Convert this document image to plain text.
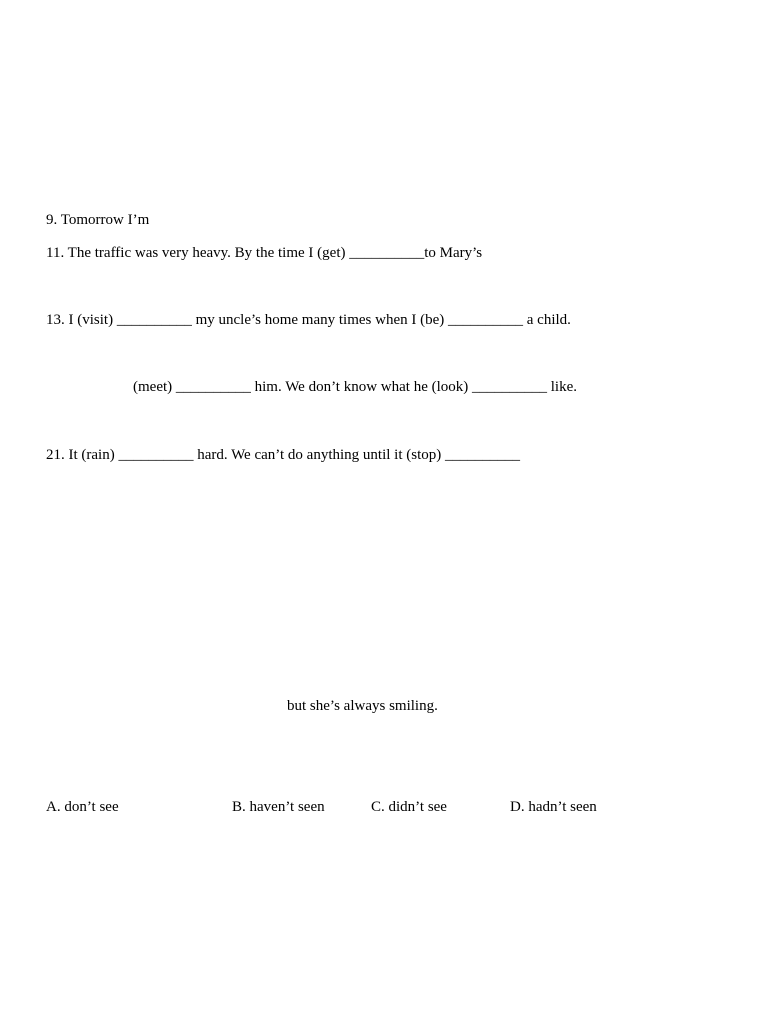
9. Tomorrow I’m
11. The traffic was very heavy. By the time I (get) __________to Mary’s
13. I (visit) __________ my uncle’s home many times when I (be) __________ a child.
(meet) __________ him. We don’t know what he (look) __________ like.
21. It (rain) __________ hard. We can’t do anything until it (stop) __________
but she’s always smiling.
A. don’t see	B. haven’t seen	C. didn’t see	D. hadn’t seen
